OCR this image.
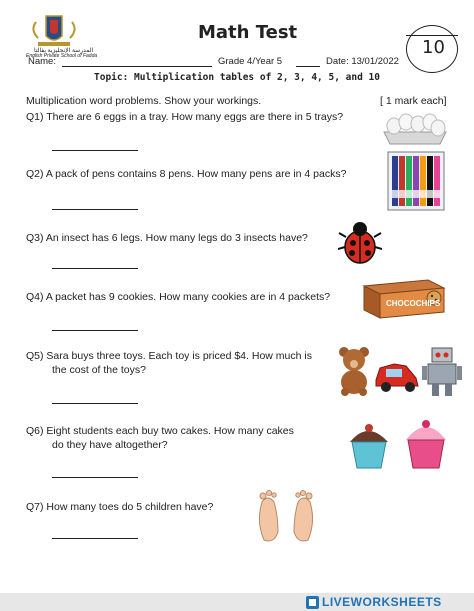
المدرسة الإنجليزية بفالتا
English Private School of Fadda
Math Test
10
Name:	Grade 4/Year 5	Date: 13/01/2022
Topic: Multiplication tables of 2, 3, 4, 5, and 10
Multiplication word problems. Show your workings.	[ 1 mark each]
Q1) There are 6 eggs in a tray. How many eggs are there in 5 trays?
Q2) A pack of pens contains 8 pens. How many pens are in 4 packs?
Q3) An insect has 6 legs. How many legs do 3 insects have?
Q4) A packet has 9 cookies. How many cookies are in 4 packets?
CHOCOCHIPS
Q5) Sara buys three toys. Each toy is priced $4. How much is
the cost of the toys?
Q6) Eight students each buy two cakes. How many cakes
do they have altogether?
Q7) How many toes do 5 children have?
LIVEWORKSHEETS
